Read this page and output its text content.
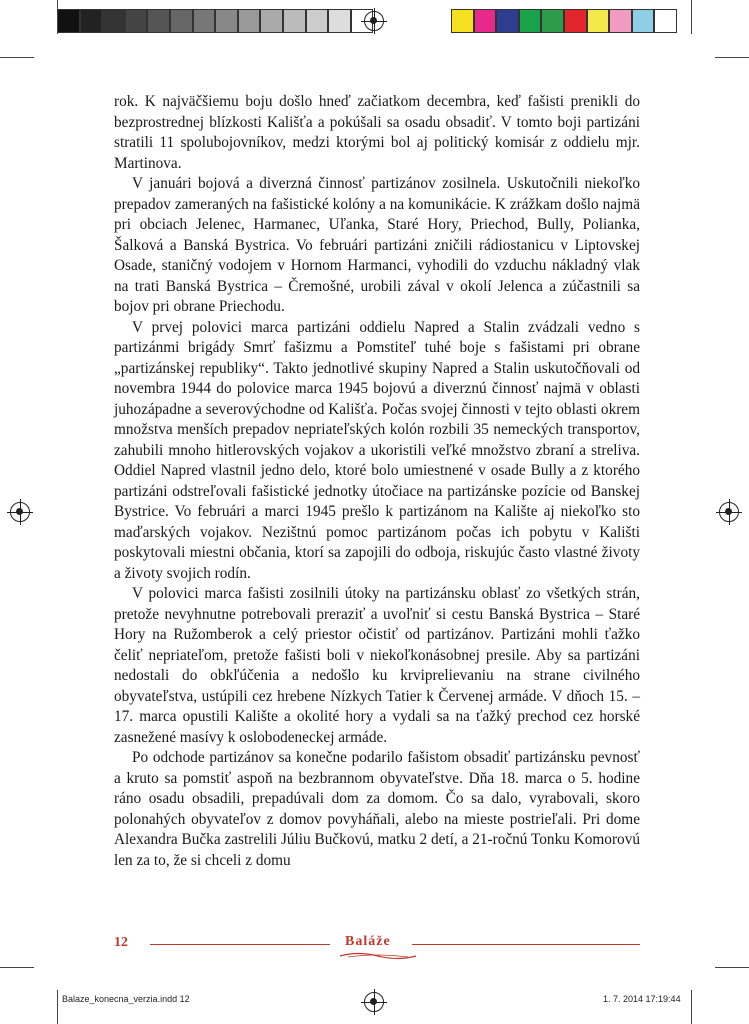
rok. K najväčšiemu boju došlo hneď začiatkom decembra, keď fašisti prenikli do bezprostrednej blízkosti Kališťa a pokúšali sa osadu obsadiť. V tomto boji partizáni stratili 11 spolubojovníkov, medzi ktorými bol aj politický komisár z oddielu mjr. Martinova.

V januári bojová a diverzná činnosť partizánov zosilnela. Uskutočnili niekoľko prepadov zameraných na fašistické kolóny a na komunikácie. K zrážkam došlo najmä pri obciach Jelenec, Harmanec, Uľanka, Staré Hory, Priechod, Bully, Polianka, Šalková a Banská Bystrica. Vo februári partizáni zničili rádiostanicu v Liptovskej Osade, staničný vodojem v Hornom Harmanci, vyhodili do vzduchu nákladný vlak na trati Banská Bystrica – Čremošné, urobili zával v okolí Jelenca a zúčastnili sa bojov pri obrane Priechodu.

V prvej polovici marca partizáni oddielu Napred a Stalin zvádzali vedno s partizánmi brigády Smrť fašizmu a Pomstiteľ tuhé boje s fašistami pri obrane „partizánskej republiky“. Takto jednotlivé skupiny Napred a Stalin uskutočňovali od novembra 1944 do polovice marca 1945 bojovú a diverznú činnosť najmä v oblasti juhozápadne a severovýchodne od Kališťa. Počas svojej činnosti v tejto oblasti okrem množstva menších prepadov nepriateľských kolón rozbili 35 nemeckých transportov, zahubili mnoho hitlerovských vojakov a ukoristili veľké množstvo zbraní a streliva. Oddiel Napred vlastnil jedno delo, ktoré bolo umiestnené v osade Bully a z ktorého partizáni odstreľovali fašistické jednotky útočiace na partizánske pozície od Banskej Bystrice. Vo februári a marci 1945 prešlo k partizánom na Kalište aj niekoľko sto maďarských vojakov. Nezištnú pomoc partizánom počas ich pobytu v Kališti poskytovali miestni občania, ktorí sa zapojili do odboja, riskujúc často vlastné životy a životy svojich rodín.

V polovici marca fašisti zosilnili útoky na partizánsku oblasť zo všetkých strán, pretože nevyhnutne potrebovali preraziť a uvoľniť si cestu Banská Bystrica – Staré Hory na Ružomberok a celý priestor očistiť od partizánov. Partizáni mohli ťažko čeliť nepriateľom, pretože fašisti boli v niekoľkonásobnej presile. Aby sa partizáni nedostali do obkľúčenia a nedošlo ku krviprelievaniu na strane civilného obyvateľstva, ustúpili cez hrebene Nízkych Tatier k Červenej armáde. V dňoch 15. – 17. marca opustili Kalište a okolité hory a vydali sa na ťažký prechod cez horské zasnežené masívy k oslobodeneckej armáde.

Po odchode partizánov sa konečne podarilo fašistom obsadiť partizánsku pevnosť a kruto sa pomstiť aspoň na bezbrannom obyvateľstve. Dňa 18. marca o 5. hodine ráno osadu obsadili, prepadúvali dom za domom. Čo sa dalo, vyrabovali, skoro polonahých obyvateľov z domov povyháňali, alebo na mieste postrieľali. Pri dome Alexandra Bučka zastrelili Júliu Bučkovú, matku 2 detí, a 21-ročnú Tonku Komorovú len za to, že si chceli z domu

12	Baláže
Balaze_konecna_verzia.indd 12	1. 7. 2014 17:19:44
